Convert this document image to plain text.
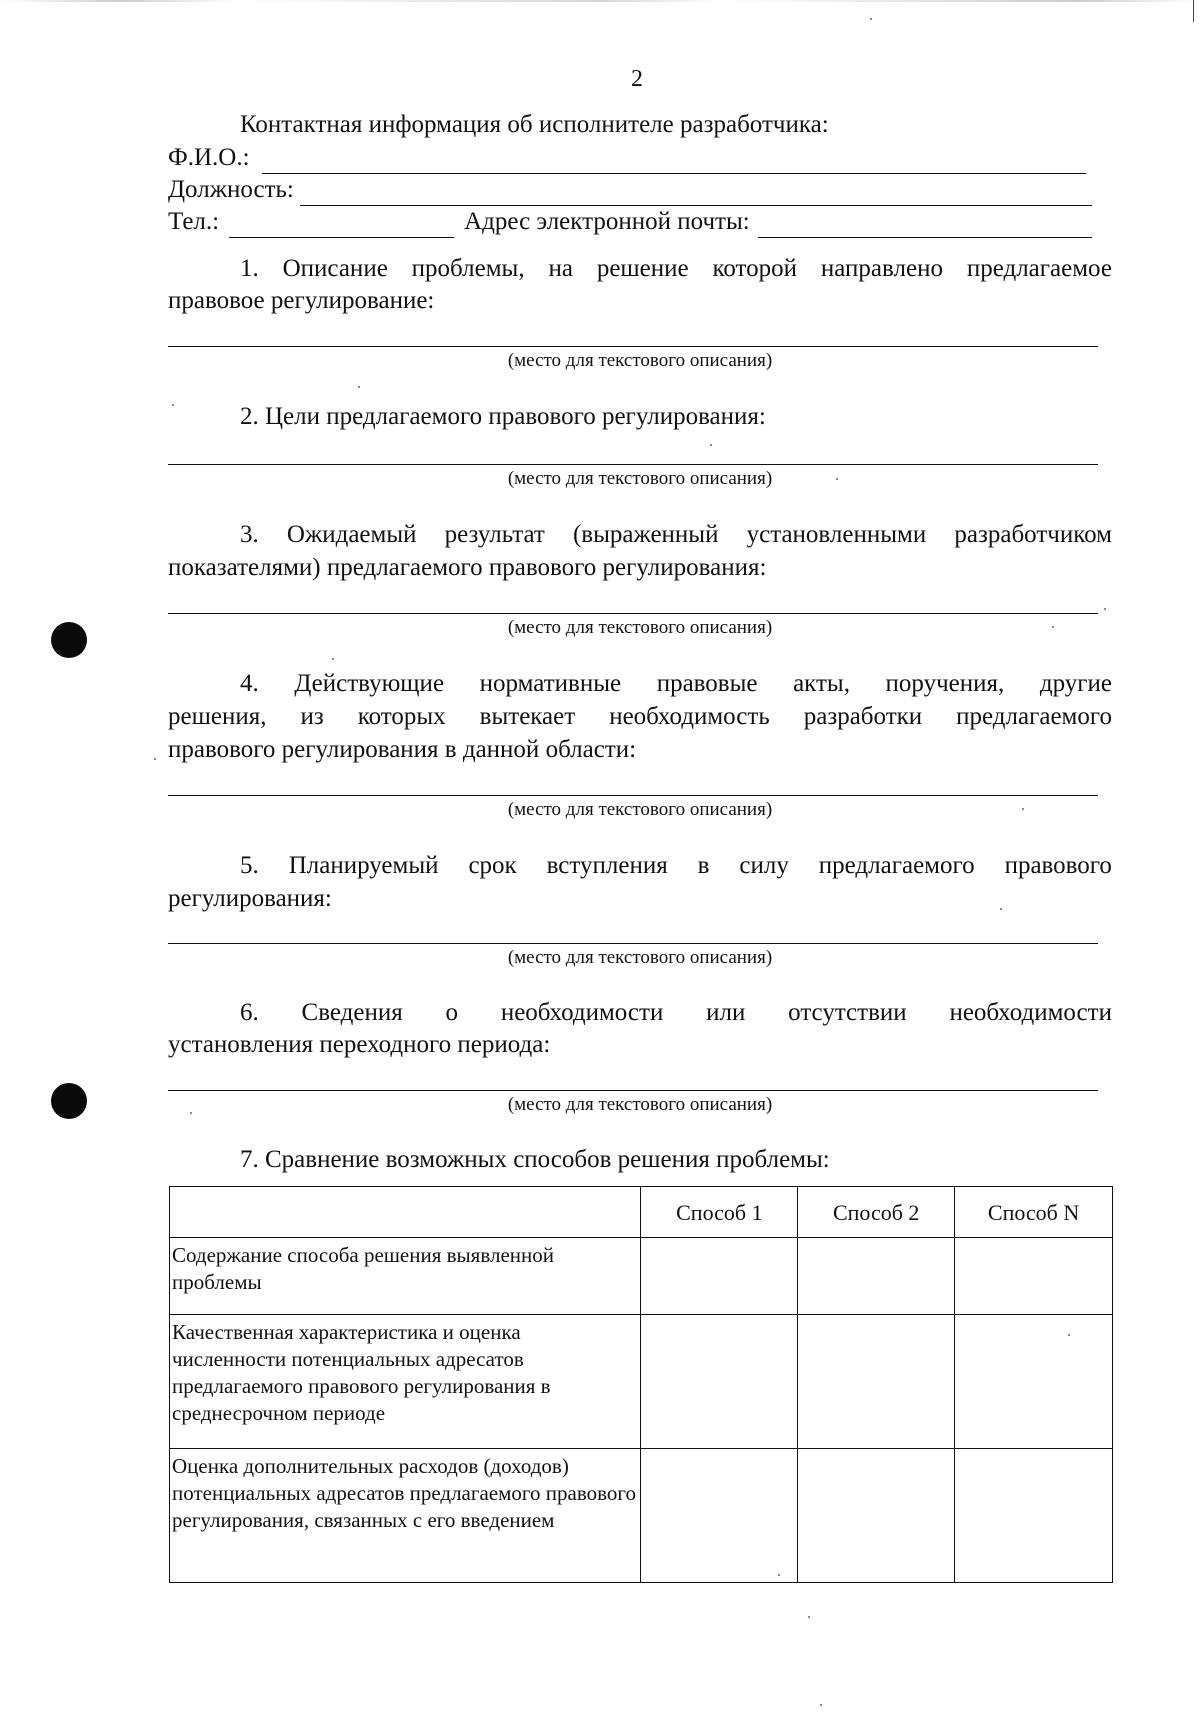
2
Контактная информация об исполнителе разработчика:
Ф.И.О.:
Должность:
Тел.:	Адрес электронной почты:
1. Описание проблемы, на решение которой направлено предлагаемое
правовое регулирование:
(место для текстового описания)
2. Цели предлагаемого правового регулирования:
(место для текстового описания)
3. Ожидаемый результат (выраженный установленными разработчиком
показателями) предлагаемого правового регулирования:
(место для текстового описания)
4. Действующие нормативные правовые акты, поручения, другие
решения, из которых вытекает необходимость разработки предлагаемого
правового регулирования в данной области:
(место для текстового описания)
5. Планируемый срок вступления в силу предлагаемого правового
регулирования:
(место для текстового описания)
6. Сведения о необходимости или отсутствии необходимости
установления переходного периода:
(место для текстового описания)
7. Сравнение возможных способов решения проблемы:
	Способ 1	Способ 2	Способ N
Содержание способа решения выявленной проблемы			
Качественная характеристика и оценка численности потенциальных адресатов предлагаемого правового регулирования в среднесрочном периоде			
Оценка дополнительных расходов (доходов) потенциальных адресатов предлагаемого правового регулирования, связанных с его введением			
